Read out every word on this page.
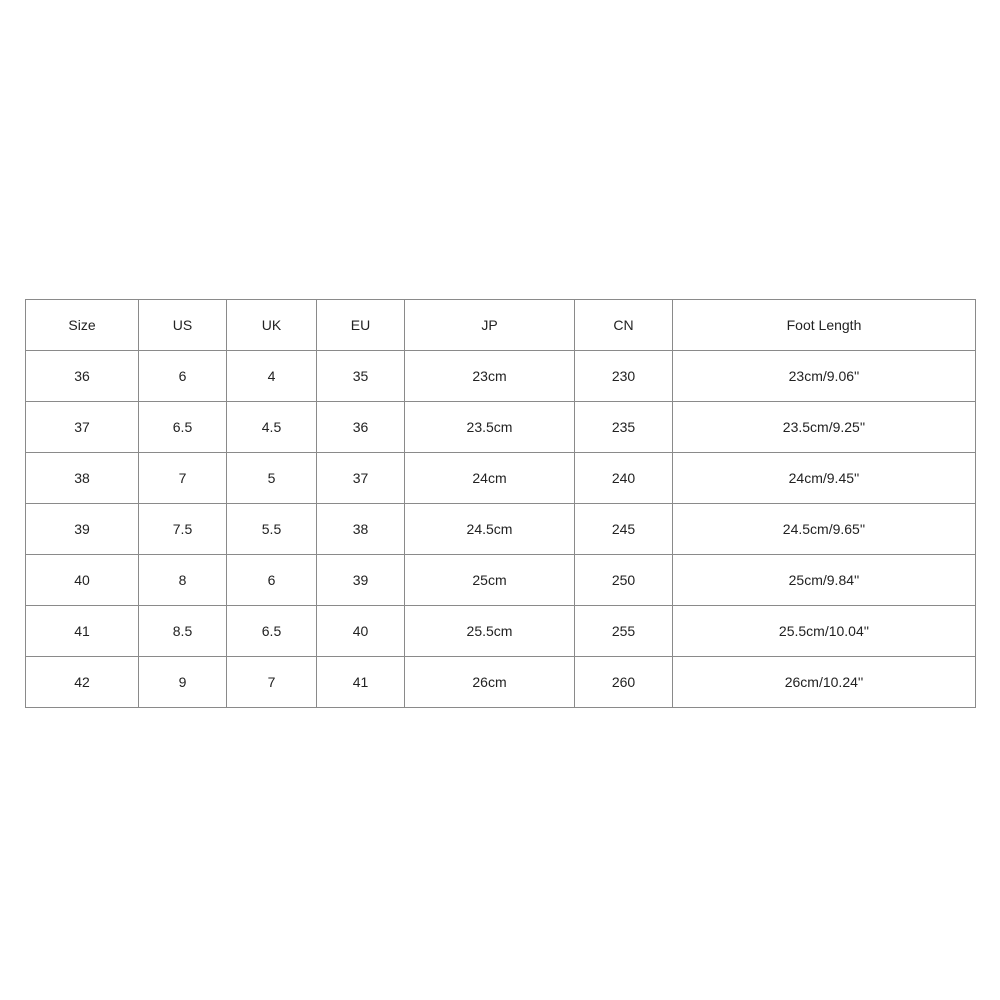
Size	US	UK	EU	JP	CN	Foot Length
36	6	4	35	23cm	230	23cm/9.06''
37	6.5	4.5	36	23.5cm	235	23.5cm/9.25''
38	7	5	37	24cm	240	24cm/9.45''
39	7.5	5.5	38	24.5cm	245	24.5cm/9.65''
40	8	6	39	25cm	250	25cm/9.84''
41	8.5	6.5	40	25.5cm	255	25.5cm/10.04''
42	9	7	41	26cm	260	26cm/10.24''
